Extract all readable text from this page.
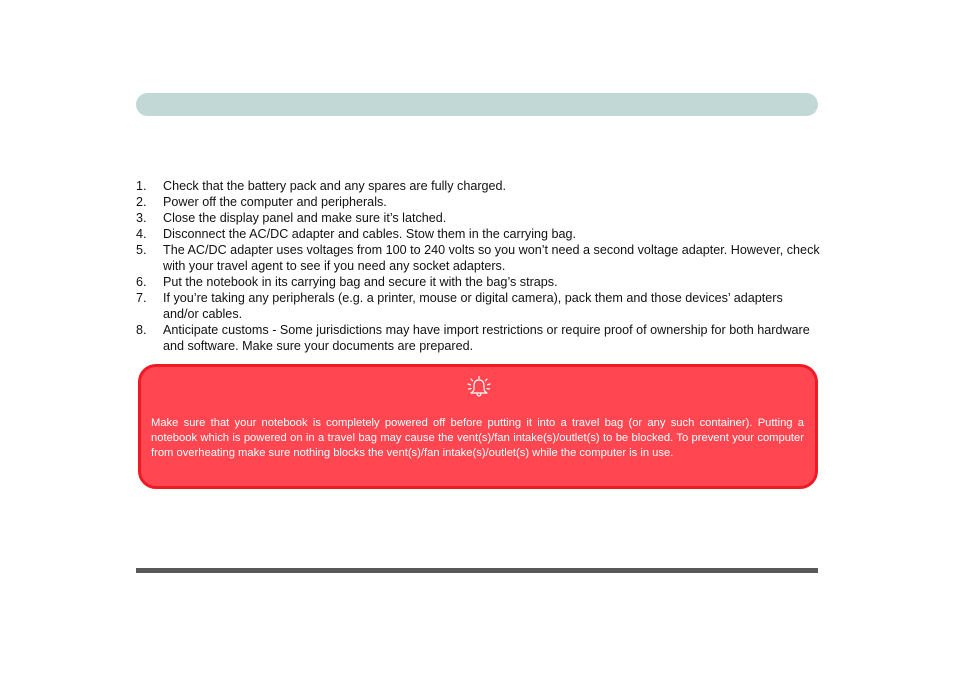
1. Check that the battery pack and any spares are fully charged.
2. Power off the computer and peripherals.
3. Close the display panel and make sure it’s latched.
4. Disconnect the AC/DC adapter and cables. Stow them in the carrying bag.
5. The AC/DC adapter uses voltages from 100 to 240 volts so you won’t need a second voltage adapter. However, check with your travel agent to see if you need any socket adapters.
6. Put the notebook in its carrying bag and secure it with the bag’s straps.
7. If you’re taking any peripherals (e.g. a printer, mouse or digital camera), pack them and those devices’ adapters and/or cables.
8. Anticipate customs - Some jurisdictions may have import restrictions or require proof of ownership for both hardware and software. Make sure your documents are prepared.

Make sure that your notebook is completely powered off before putting it into a travel bag (or any such container). Putting a notebook which is powered on in a travel bag may cause the vent(s)/fan intake(s)/outlet(s) to be blocked. To prevent your computer from overheating make sure nothing blocks the vent(s)/fan intake(s)/outlet(s) while the computer is in use.
